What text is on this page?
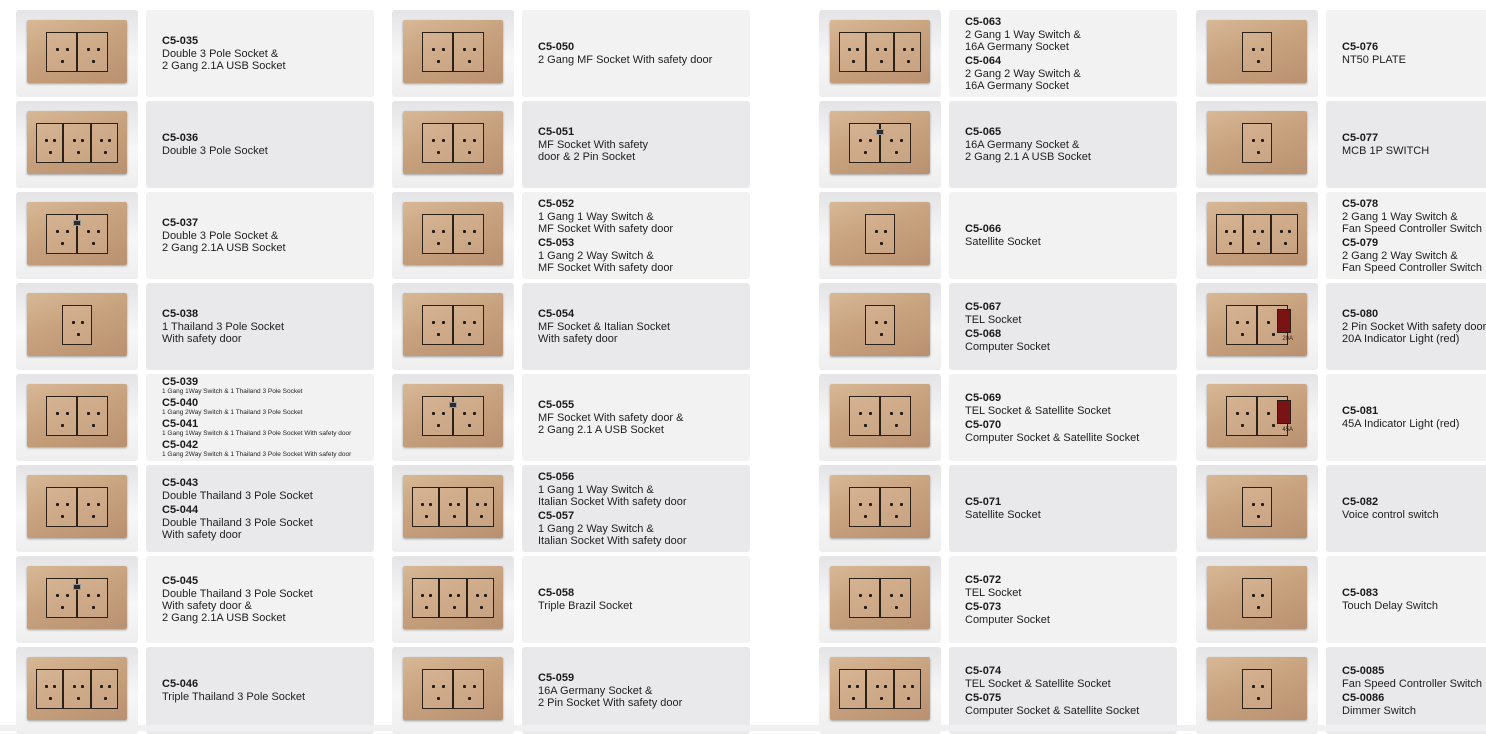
C5-035
Double 3 Pole Socket &
2 Gang 2.1A USB Socket
C5-036
Double 3 Pole Socket
C5-037
Double 3 Pole Socket &
2 Gang 2.1A USB Socket
C5-038
1 Thailand 3 Pole Socket
With safety door
C5-039
1 Gang 1Way Switch & 1 Thailand 3 Pole Socket
C5-040
1 Gang 2Way Switch & 1 Thailand 3 Pole Socket
C5-041
1 Gang 1Way Switch & 1 Thailand 3 Pole Socket With safety door
C5-042
1 Gang 2Way Switch & 1 Thailand 3 Pole Socket With safety door
C5-043
Double Thailand 3 Pole Socket
C5-044
Double Thailand 3 Pole Socket
With safety door
C5-045
Double Thailand 3 Pole Socket
With safety door &
2 Gang 2.1A USB Socket
C5-046
Triple Thailand 3 Pole Socket
C5-050
2 Gang MF Socket With safety door
C5-051
MF Socket With safety
door & 2 Pin Socket
C5-052
1 Gang 1 Way Switch &
MF Socket With safety door
C5-053
1 Gang 2 Way Switch &
MF Socket With safety door
C5-054
MF Socket & Italian Socket
With safety door
C5-055
MF Socket With safety door &
2 Gang 2.1 A USB Socket
C5-056
1 Gang 1 Way Switch &
Italian Socket With safety door
C5-057
1 Gang 2 Way Switch &
Italian Socket With safety door
C5-058
Triple Brazil Socket
C5-059
16A Germany Socket &
2 Pin Socket With safety door
C5-063
2 Gang 1 Way Switch &
16A Germany Socket
C5-064
2 Gang 2 Way Switch &
16A Germany Socket
C5-065
16A Germany Socket &
2 Gang 2.1 A USB Socket
C5-066
Satellite Socket
C5-067
TEL Socket
C5-068
Computer Socket
C5-069
TEL Socket & Satellite Socket
C5-070
Computer Socket & Satellite Socket
C5-071
Satellite Socket
C5-072
TEL Socket
C5-073
Computer Socket
C5-074
TEL Socket & Satellite Socket
C5-075
Computer Socket & Satellite Socket
C5-076
NT50 PLATE
C5-077
MCB 1P SWITCH
C5-078
2 Gang 1 Way Switch &
Fan Speed Controller Switch
C5-079
2 Gang 2 Way Switch &
Fan Speed Controller Switch
20A
C5-080
2 Pin Socket With safety door
20A Indicator Light (red)
45A
C5-081
45A Indicator Light (red)
C5-082
Voice control switch
C5-083
Touch Delay Switch
C5-0085
Fan Speed Controller Switch
C5-0086
Dimmer Switch
